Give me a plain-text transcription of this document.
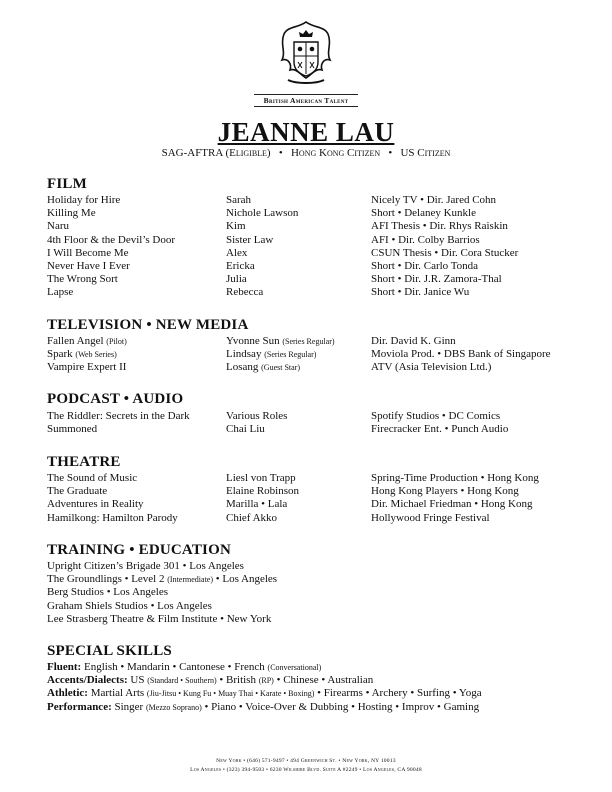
British American Talent
JEANNE LAU
SAG-AFTRA (Eligible) • Hong Kong Citizen • US Citizen
FILM
Holiday for Hire	Sarah	Nicely TV • Dir. Jared Cohn
Killing Me	Nichole Lawson	Short • Delaney Kunkle
Naru	Kim	AFI Thesis • Dir. Rhys Raiskin
4th Floor & the Devil’s Door	Sister Law	AFI • Dir. Colby Barrios
I Will Become Me	Alex	CSUN Thesis • Dir. Cora Stucker
Never Have I Ever	Ericka	Short • Dir. Carlo Tonda
The Wrong Sort	Julia	Short • Dir. J.R. Zamora-Thal
Lapse	Rebecca	Short • Dir. Janice Wu
TELEVISION • NEW MEDIA
Fallen Angel (Pilot)	Yvonne Sun (Series Regular)	Dir. David K. Ginn
Spark (Web Series)	Lindsay (Series Regular)	Moviola Prod. • DBS Bank of Singapore
Vampire Expert II	Losang (Guest Star)	ATV (Asia Television Ltd.)
PODCAST • AUDIO
The Riddler: Secrets in the Dark	Various Roles	Spotify Studios • DC Comics
Summoned	Chai Liu	Firecracker Ent. • Punch Audio
THEATRE
The Sound of Music	Liesl von Trapp	Spring-Time Production • Hong Kong
The Graduate	Elaine Robinson	Hong Kong Players • Hong Kong
Adventures in Reality	Marilla • Lala	Dir. Michael Friedman • Hong Kong
Hamilkong: Hamilton Parody	Chief Akko	Hollywood Fringe Festival
TRAINING • EDUCATION
Upright Citizen’s Brigade 301 • Los Angeles
The Groundlings • Level 2 (Intermediate) • Los Angeles
Berg Studios • Los Angeles
Graham Shiels Studios • Los Angeles
Lee Strasberg Theatre & Film Institute • New York
SPECIAL SKILLS
Fluent: English • Mandarin • Cantonese • French (Conversational)
Accents/Dialects: US (Standard • Southern) • British (RP) • Chinese • Australian
Athletic: Martial Arts (Jiu-Jitsu • Kung Fu • Muay Thai • Karate • Boxing) • Firearms • Archery • Surfing • Yoga
Performance: Singer (Mezzo Soprano) • Piano • Voice-Over & Dubbing • Hosting • Improv • Gaming
New York • (646) 571-9497 • 494 Greenwich St. • New York, NY 10013
Los Angeles • (323) 394-9503 • 6230 Wilshire Blvd. Suite A #2249 • Los Angeles, CA 90048
